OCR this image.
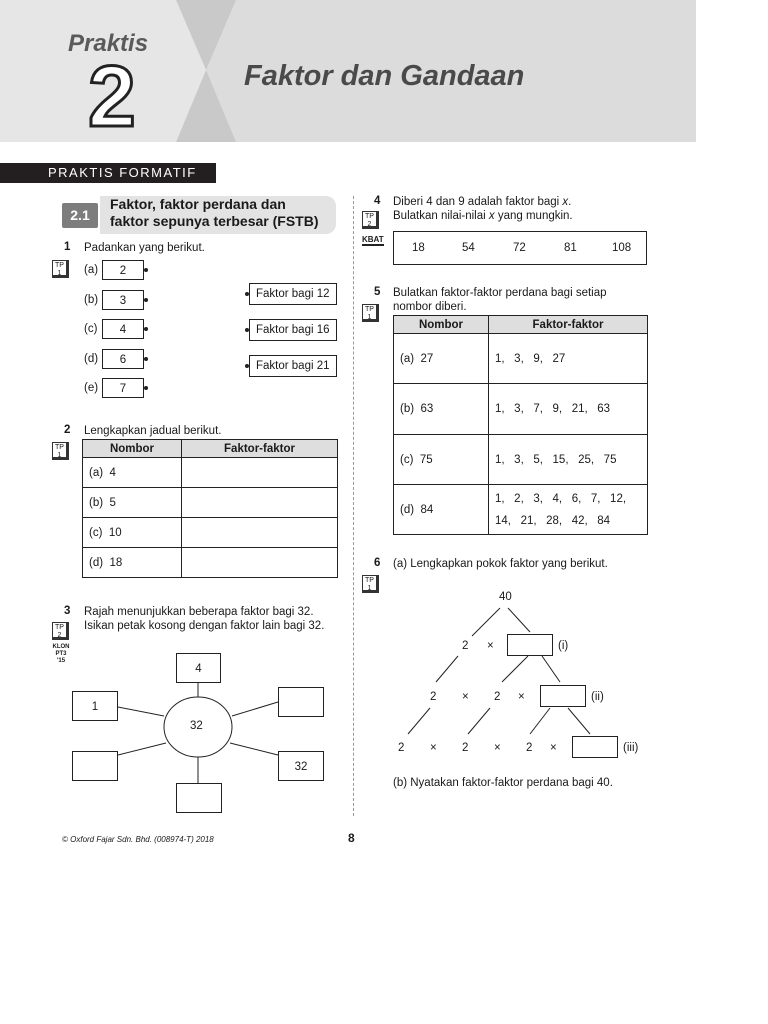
Praktis
2	Faktor dan Gandaan
PRAKTIS FORMATIF
2.1
Faktor, faktor perdana dan
faktor sepunya terbesar (FSTB)
1 Padankan yang berikut.
TP
1	(a)	2
(b)	3
(c)	4
(d)	6
(e)	7
Faktor bagi 12
Faktor bagi 16
Faktor bagi 21
2 Lengkapkan jadual berikut.
TP
1
Nombor	Faktor-faktor
(a) 4	
(b) 5	
(c) 10	
(d) 18	
3 Rajah menunjukkan beberapa faktor bagi 32.
Isikan petak kosong dengan faktor lain bagi 32.
TP
2
KLON
PT3
'15
32
4
1
32
4 Diberi 4 dan 9 adalah faktor bagi x.
Bulatkan nilai-nilai x yang mungkin.
TP
2
KBAT
18	54	72	81	108
5 Bulatkan faktor-faktor perdana bagi setiap
nombor diberi.
TP
1
Nombor	Faktor-faktor
(a) 27	1,   3,   9,   27
(b) 63	1,   3,   7,   9,   21,   63
(c) 75	1,   3,   5,   15,   25,   75
(d) 84	1,   2,   3,   4,   6,   7,   12,
14,   21,   28,   42,   84
6 (a) Lengkapkan pokok faktor yang berikut.
TP
1
40
2 ×	(i)
2 × 2 ×	(ii)
2 × 2 × 2 ×	(iii)
(b) Nyatakan faktor-faktor perdana bagi 40.
© Oxford Fajar Sdn. Bhd. (008974-T) 2018	8
